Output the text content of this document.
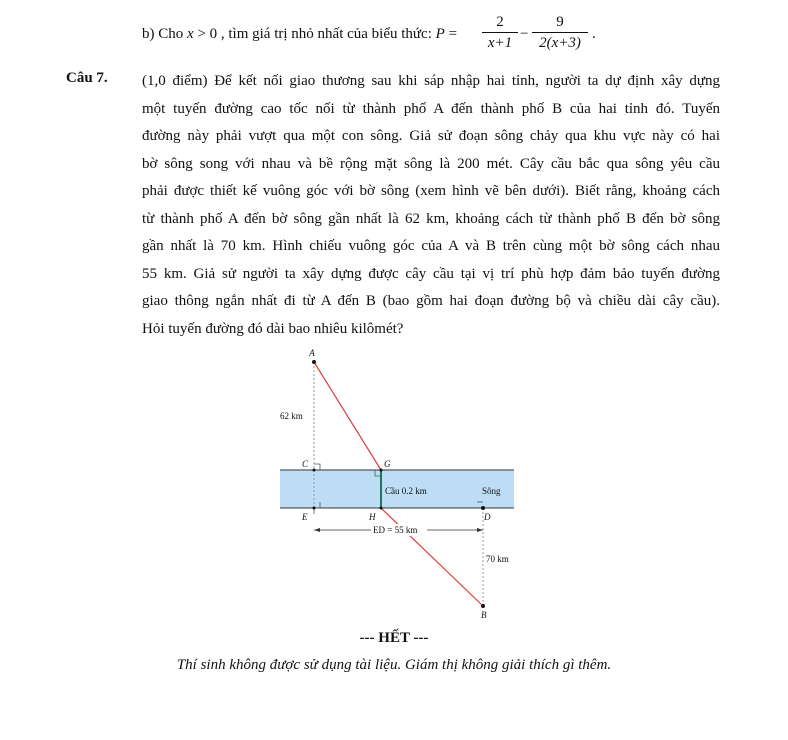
b) Cho x > 0 , tìm giá trị nhỏ nhất của biểu thức: P =
2
x+1
−
9
2(x+3)
.
Câu 7. (1,0 điểm) Để kết nối giao thương sau khi sáp nhập hai tỉnh, người ta dự định xây dựng
một tuyến đường cao tốc nối từ thành phố A đến thành phố B của hai tỉnh đó. Tuyến
đường này phải vượt qua một con sông. Giả sử đoạn sông chảy qua khu vực này có hai
bờ sông song với nhau và bề rộng mặt sông là 200 mét. Cây cầu bắc qua sông yêu cầu
phải được thiết kế vuông góc với bờ sông (xem hình vẽ bên dưới). Biết rằng, khoảng cách
từ thành phố A đến bờ sông gần nhất là 62 km, khoảng cách từ thành phố B đến bờ sông
gần nhất là 70 km. Hình chiếu vuông góc của A và B trên cùng một bờ sông cách nhau
55 km. Giả sử người ta xây dựng được cây cầu tại vị trí phù hợp đảm bảo tuyến đường
giao thông ngắn nhất đi từ A đến B (bao gồm hai đoạn đường bộ và chiều dài cây cầu).
Hỏi tuyến đường đó dài bao nhiêu kilômét?
A
C	G
E	H	D
B
62 km
70 km
Cầu 0.2 km	Sông
ED = 55 km
--- HẾT ---
Thí sinh không được sử dụng tài liệu. Giám thị không giải thích gì thêm.
